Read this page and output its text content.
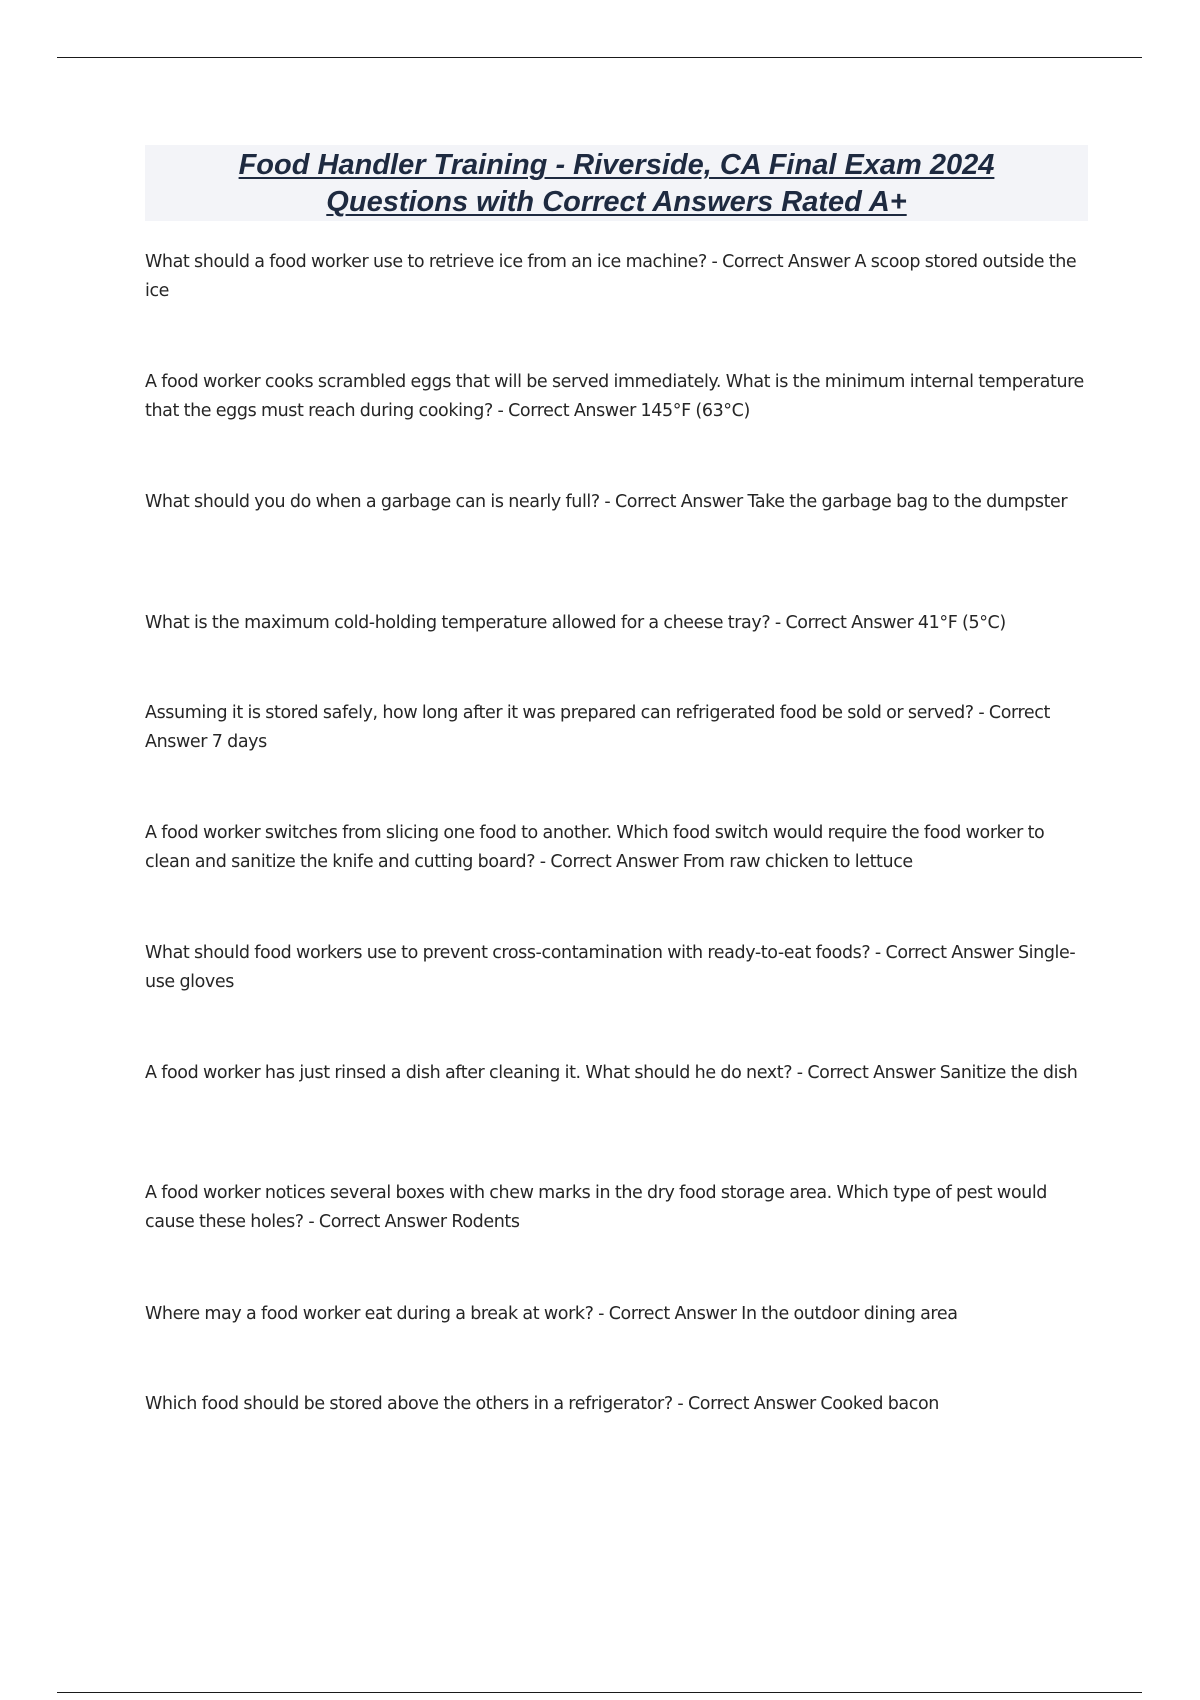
Food Handler Training - Riverside, CA Final Exam 2024
Questions with Correct Answers Rated A+
What should a food worker use to retrieve ice from an ice machine? - Correct Answer A scoop stored outside the ice
A food worker cooks scrambled eggs that will be served immediately. What is the minimum internal temperature that the eggs must reach during cooking? - Correct Answer 145°F (63°C)
What should you do when a garbage can is nearly full? - Correct Answer Take the garbage bag to the dumpster
What is the maximum cold-holding temperature allowed for a cheese tray? - Correct Answer 41°F (5°C)
Assuming it is stored safely, how long after it was prepared can refrigerated food be sold or served? - Correct Answer 7 days
A food worker switches from slicing one food to another. Which food switch would require the food worker to clean and sanitize the knife and cutting board? - Correct Answer From raw chicken to lettuce
What should food workers use to prevent cross-contamination with ready-to-eat foods? - Correct Answer Single-use gloves
A food worker has just rinsed a dish after cleaning it. What should he do next? - Correct Answer Sanitize the dish
A food worker notices several boxes with chew marks in the dry food storage area. Which type of pest would cause these holes? - Correct Answer Rodents
Where may a food worker eat during a break at work? - Correct Answer In the outdoor dining area
Which food should be stored above the others in a refrigerator? - Correct Answer Cooked bacon
